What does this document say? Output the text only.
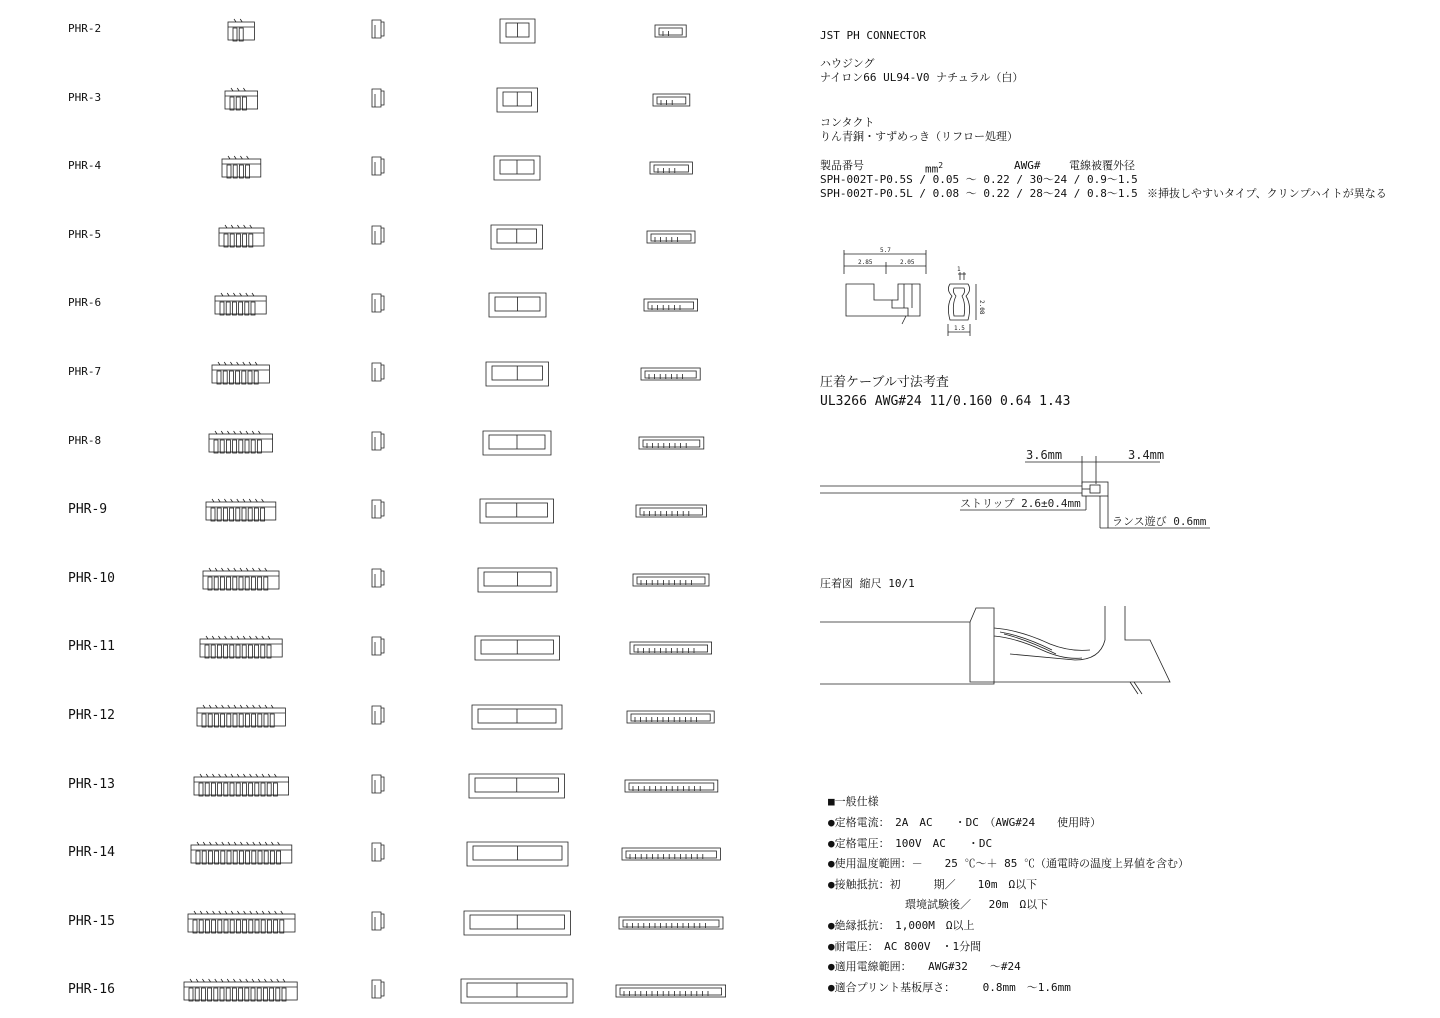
PHR-2
PHR-3
PHR-4
PHR-5
PHR-6
PHR-7
PHR-8
PHR-9
PHR-10
PHR-11
PHR-12
PHR-13
PHR-14
PHR-15
PHR-16
JST PH CONNECTOR
ハウジング
ナイロン66 UL94-V0 ナチュラル（白）
コンタクト
りん青銅・すずめっき（リフロー処理）
製品番号	$mm^2$	AWG#	電線被覆外径
SPH-002T-P0.5S / 0.05 ～ 0.22 / 30～24 / 0.9～1.5
SPH-002T-P0.5L / 0.08 ～ 0.22 / 28～24 / 0.8～1.5 ※挿抜しやすいタイプ、クリンプハイトが異なる
5.7
2.85	2.05
1
2.08
1.5
圧着ケーブル寸法考査
UL3266 AWG#24 11/0.160 0.64 1.43
3.6mm	3.4mm
ストリップ 2.6±0.4mm
ランス遊び 0.6mm
圧着図 縮尺 10/1
■一般仕様
●定格電流：　2A　AC　　・DC　（AWG#24　　使用時）
●定格電圧：　100V　AC　　・DC
●使用温度範囲：－　　25 ℃～＋ 85 ℃（通電時の温度上昇値を含む）
●接触抵抗：初　　　期／　　10m　Ω以下
　　　　　　　環境試験後／　 20m　Ω以下
●絶縁抵抗：　1,000M　Ω以上
●耐電圧：　AC 800V　・1分間
●適用電線範囲：　　AWG#32　　～#24
●適合プリント基板厚さ：　　　0.8mm　～1.6mm
